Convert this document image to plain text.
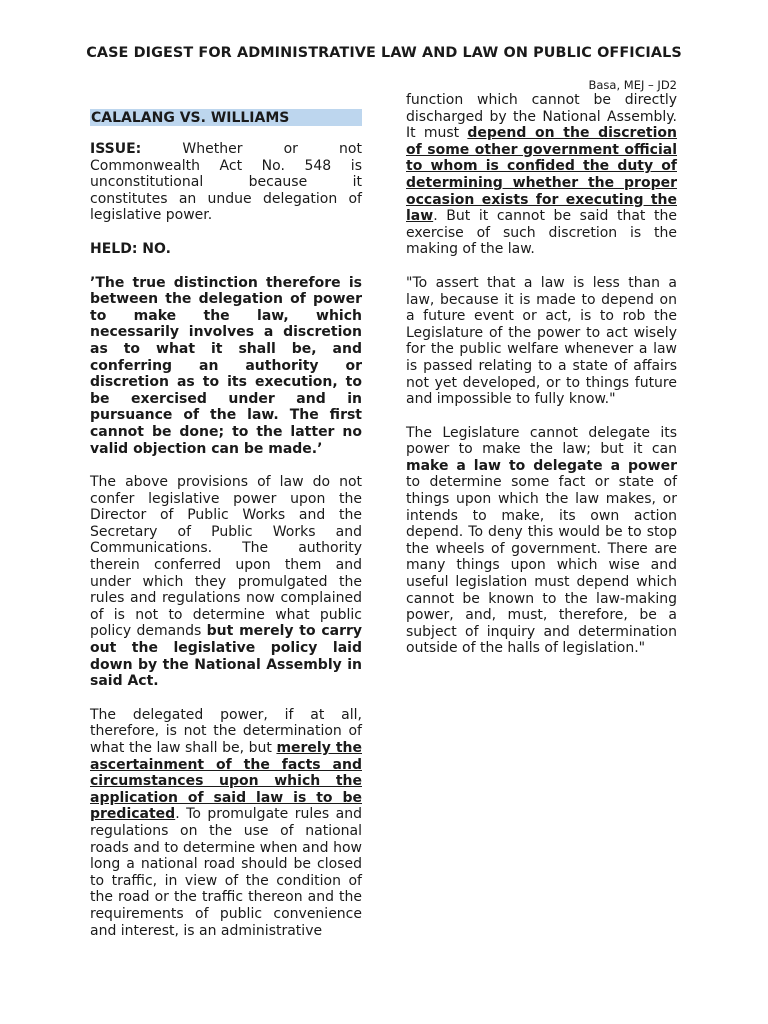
CASE DIGEST FOR ADMINISTRATIVE LAW AND LAW ON PUBLIC OFFICIALS
Basa, MEJ – JD2
CALALANG VS. WILLIAMS

ISSUE: Whether or not Commonwealth Act No. 548 is unconstitutional because it constitutes an undue delegation of legislative power.

HELD: NO.

’The true distinction therefore is between the delegation of power to make the law, which necessarily involves a discretion as to what it shall be, and conferring an authority or discretion as to its execution, to be exercised under and in pursuance of the law. The first cannot be done; to the latter no valid objection can be made.’

The above provisions of law do not confer legislative power upon the Director of Public Works and the Secretary of Public Works and Communications. The authority therein conferred upon them and under which they promulgated the rules and regulations now complained of is not to determine what public policy demands but merely to carry out the legislative policy laid down by the National Assembly in said Act.

The delegated power, if at all, therefore, is not the determination of what the law shall be, but merely the ascertainment of the facts and circumstances upon which the application of said law is to be predicated. To promulgate rules and regulations on the use of national roads and to determine when and how long a national road should be closed to traffic, in view of the condition of the road or the traffic thereon and the requirements of public convenience and interest, is an administrative

function which cannot be directly discharged by the National Assembly. It must depend on the discretion of some other government official to whom is confided the duty of determining whether the proper occasion exists for executing the law. But it cannot be said that the exercise of such discretion is the making of the law.

"To assert that a law is less than a law, because it is made to depend on a future event or act, is to rob the Legislature of the power to act wisely for the public welfare whenever a law is passed relating to a state of affairs not yet developed, or to things future and impossible to fully know."

The Legislature cannot delegate its power to make the law; but it can make a law to delegate a power to determine some fact or state of things upon which the law makes, or intends to make, its own action depend. To deny this would be to stop the wheels of government. There are many things upon which wise and useful legislation must depend which cannot be known to the law-making power, and, must, therefore, be a subject of inquiry and determination outside of the halls of legislation."
